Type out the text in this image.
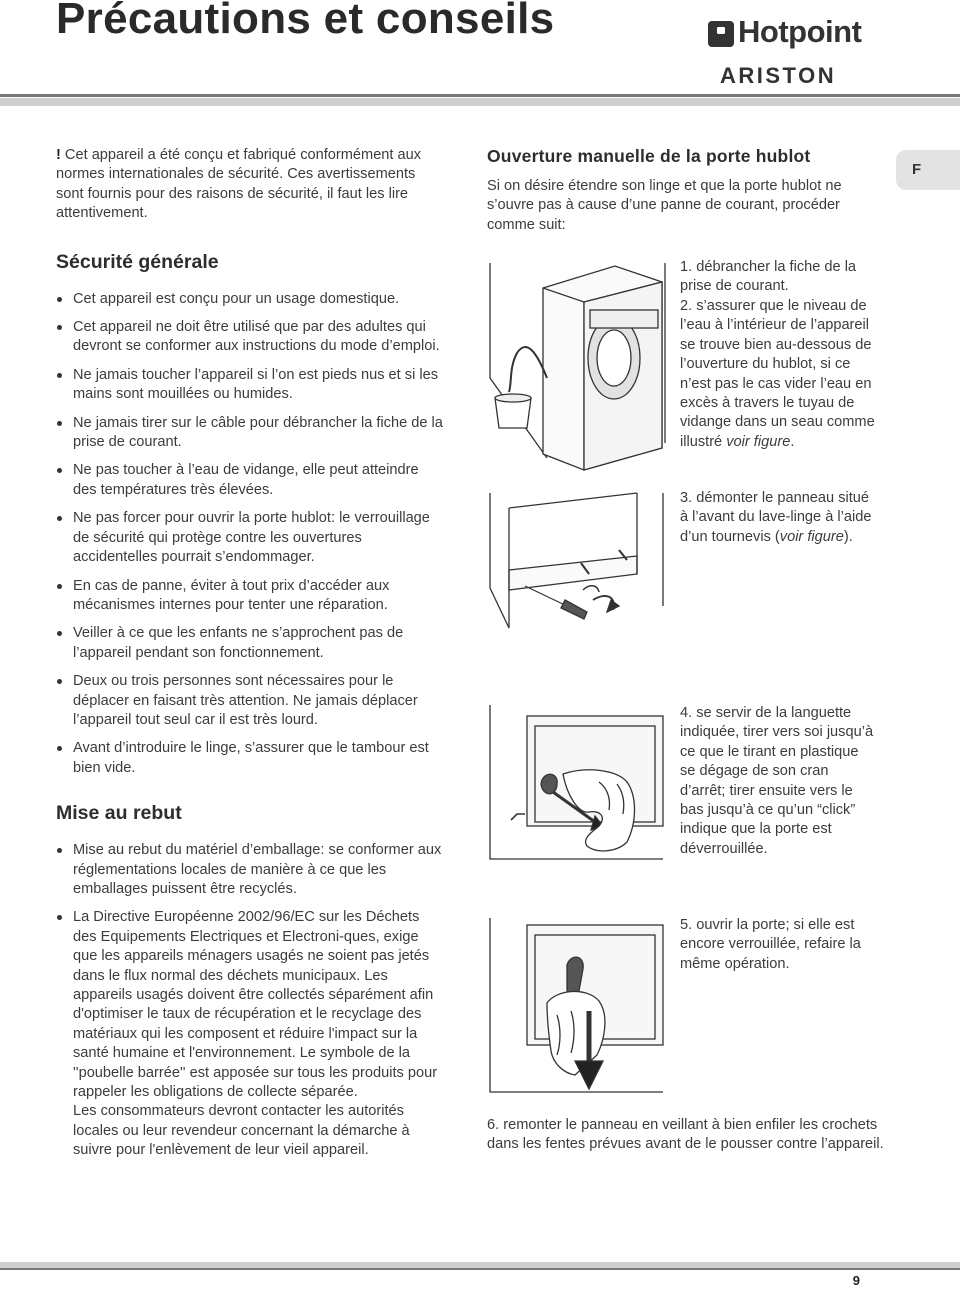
Précautions et conseils	Hotpoint
ARISTON
F

! Cet appareil a été conçu et fabriqué conformément aux normes internationales de sécurité. Ces avertissements sont fournis pour des raisons de sécurité, il faut les lire attentivement.

Sécurité générale
Cet appareil est conçu pour un usage domestique.
Cet appareil ne doit être utilisé que par des adultes qui devront se conformer aux instructions du mode d’emploi.
Ne jamais toucher l’appareil si l’on est pieds nus et si les mains sont mouillées ou humides.
Ne jamais tirer sur le câble pour débrancher la fiche de la prise de courant.
Ne pas toucher à l’eau de vidange, elle peut atteindre des températures très élevées.
Ne pas forcer pour ouvrir la porte hublot: le verrouillage de sécurité qui protège contre les ouvertures accidentelles pourrait s’endommager.
En cas de panne, éviter à tout prix d’accéder aux mécanismes internes pour tenter une réparation.
Veiller à ce que les enfants ne s’approchent pas de l’appareil pendant son fonctionnement.
Deux ou trois personnes sont nécessaires pour le déplacer en faisant très attention. Ne jamais déplacer l’appareil tout seul car il est très lourd.
Avant d’introduire le linge, s’assurer que le tambour est bien vide.
Mise au rebut
Mise au rebut du matériel d’emballage: se conformer aux réglementations locales de manière à ce que les emballages puissent être recyclés.
La Directive Européenne 2002/96/EC sur les Déchets des Equipements Electriques et Electroni-ques, exige que les appareils ménagers usagés ne soient pas jetés dans le flux normal des déchets municipaux. Les appareils usagés doivent être collectés séparément afin d'optimiser le taux de récupération et le recyclage des matériaux qui les composent et réduire l'impact sur la santé humaine et l'environnement. Le symbole de la ''poubelle barrée'' est apposée sur tous les produits pour rappeler les obligations de collecte séparée.
Les consommateurs devront contacter les autorités locales ou leur revendeur concernant la démarche à suivre pour l'enlèvement de leur vieil appareil.
Ouverture manuelle de la porte hublot

Si on désire étendre son linge et que la porte hublot ne s’ouvre pas à cause d’une panne de courant, procéder comme suit:

1. débrancher la fiche de la prise de courant.
2. s’assurer que le niveau de l’eau à l’intérieur de l’appareil se trouve bien au-dessous de l’ouverture du hublot, si ce n’est pas le cas vider l’eau en excès à travers le tuyau de vidange dans un seau comme illustré voir figure.
3. démonter le panneau situé à l’avant du lave-linge à l’aide d’un tournevis (voir figure).
4. se servir de la languette indiquée, tirer vers soi jusqu’à ce que le tirant en plastique se dégage de son cran d’arrêt; tirer ensuite vers le bas jusqu’à ce qu’un “click” indique que la porte est déverrouillée.
5. ouvrir la porte; si elle est encore verrouillée, refaire la même opération.
6. remonter le panneau en veillant à bien enfiler les crochets dans les fentes prévues avant de le pousser contre l’appareil.
9
